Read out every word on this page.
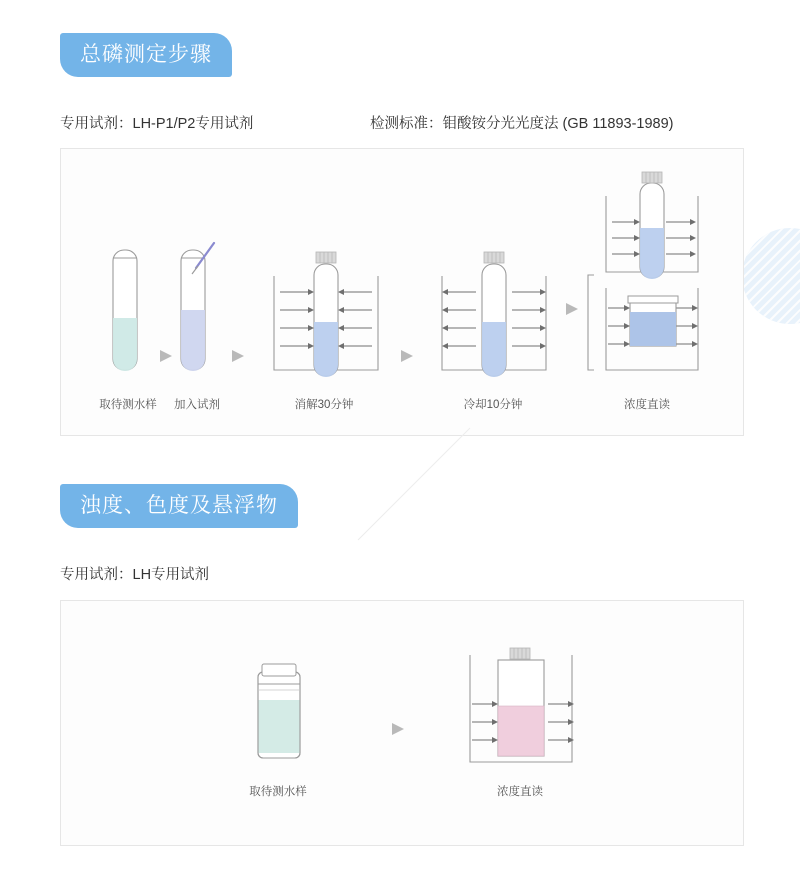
总磷测定步骤
专用试剂：LH-P1/P2专用试剂	检测标准：钼酸铵分光光度法 (GB 11893-1989)
取待测水样	加入试剂	消解30分钟	冷却10分钟	浓度直读
浊度、色度及悬浮物
专用试剂：LH专用试剂
取待测水样	浓度直读
